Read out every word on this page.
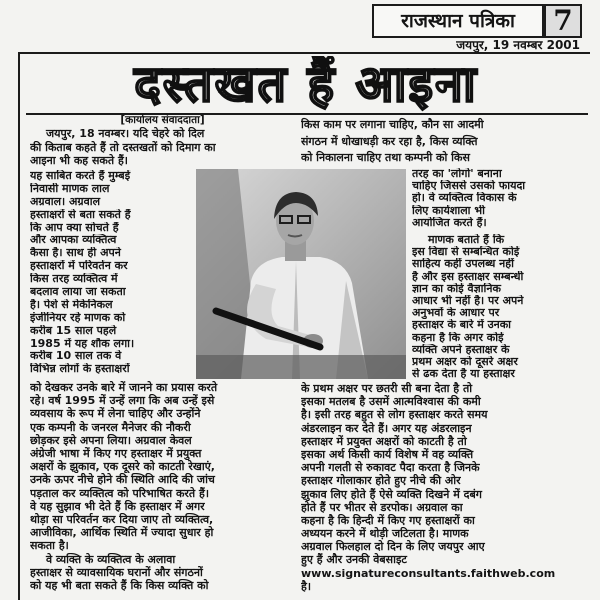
राजस्थान पत्रिका	7
जयपुर, 19 नवम्बर 2001
दस्तखत हैं आइना
[कार्यालय संवाददाता]
जयपुर, 18 नवम्बर। यदि चेहरे को दिल
की किताब कहते हैं तो दस्तखतों को दिमाग का
आइना भी कह सकते हैं।
यह साबित करते हैं मुम्बई
निवासी माणक लाल
अग्रवाल। अग्रवाल
हस्ताक्षरों से बता सकते हैं
कि आप क्या सोचते हैं
और आपका व्यक्तित्व
कैसा है। साथ ही अपने
हस्ताक्षरों में परिवर्तन कर
किस तरह व्यक्तित्व में
बदलाव लाया जा सकता
है। पेशे से मेकेनिकल
इंजीनियर रहे माणक को
करीब 15 साल पहले
1985 में यह शौक लगा।
करीब 10 साल तक वे
विभिन्न लोगों के हस्ताक्षरों
को देखकर उनके बारे में जानने का प्रयास करते
रहे। वर्ष 1995 में उन्हें लगा कि अब उन्हें इसे
व्यवसाय के रूप में लेना चाहिए और उन्होंने
एक कम्पनी के जनरल मैनेजर की नौकरी
छोड़कर इसे अपना लिया। अग्रवाल केवल
अंग्रेजी भाषा में किए गए हस्ताक्षर में प्रयुक्त
अक्षरों के झुकाव, एक दूसरे को काटती रेखाएं,
उनके ऊपर नीचे होने की स्थिति आदि की जांच
पड़ताल कर व्यक्तित्व को परिभाषित करते हैं।
वे यह सुझाव भी देते हैं कि हस्ताक्षर में अगर
थोड़ा सा परिवर्तन कर दिया जाए तो व्यक्तित्व,
आजीविका, आर्थिक स्थिति में ज्यादा सुधार हो
सकता है।
वे व्यक्ति के व्यक्तित्व के अलावा
हस्ताक्षर से व्यावसायिक घरानों और संगठनों
को यह भी बता सकते हैं कि किस व्यक्ति को
किस काम पर लगाना चाहिए, कौन सा आदमी
संगठन में धोखाधड़ी कर रहा है, किस व्यक्ति
को निकालना चाहिए तथा कम्पनी को किस
तरह का 'लोगो' बनाना
चाहिए जिससे उसको फायदा
हो। वे व्यक्तित्व विकास के
लिए कार्यशाला भी
आयोजित करते हैं।
माणक बताते हैं कि
इस विद्या से सम्बन्धित कोई
साहित्य कहीं उपलब्ध नहीं
है और इस हस्ताक्षर सम्बन्धी
ज्ञान का कोई वैज्ञानिक
आधार भी नहीं है। पर अपने
अनुभवों के आधार पर
हस्ताक्षर के बारे में उनका
कहना है कि अगर कोई
व्यक्ति अपने हस्ताक्षर के
प्रथम अक्षर को दूसरे अक्षर
से ढक देता है या हस्ताक्षर
के प्रथम अक्षर पर छतरी सी बना देता है तो
इसका मतलब है उसमें आत्मविश्वास की कमी
है। इसी तरह बहुत से लोग हस्ताक्षर करते समय
अंडरलाइन कर देते हैं। अगर यह अंडरलाइन
हस्ताक्षर में प्रयुक्त अक्षरों को काटती है तो
इसका अर्थ किसी कार्य विशेष में वह व्यक्ति
अपनी गलती से रुकावट पैदा करता है जिनके
हस्ताक्षर गोलाकार होते हुए नीचे की ओर
झुकाव लिए होते हैं ऐसे व्यक्ति दिखने में दबंग
होते हैं पर भीतर से डरपोक। अग्रवाल का
कहना है कि हिन्दी में किए गए हस्ताक्षरों का
अध्ययन करने में थोड़ी जटिलता है। माणक
अग्रवाल फिलहाल दो दिन के लिए जयपुर आए
हुए हैं और उनकी वेबसाइट
www.signatureconsultants.faithweb.com
है।
